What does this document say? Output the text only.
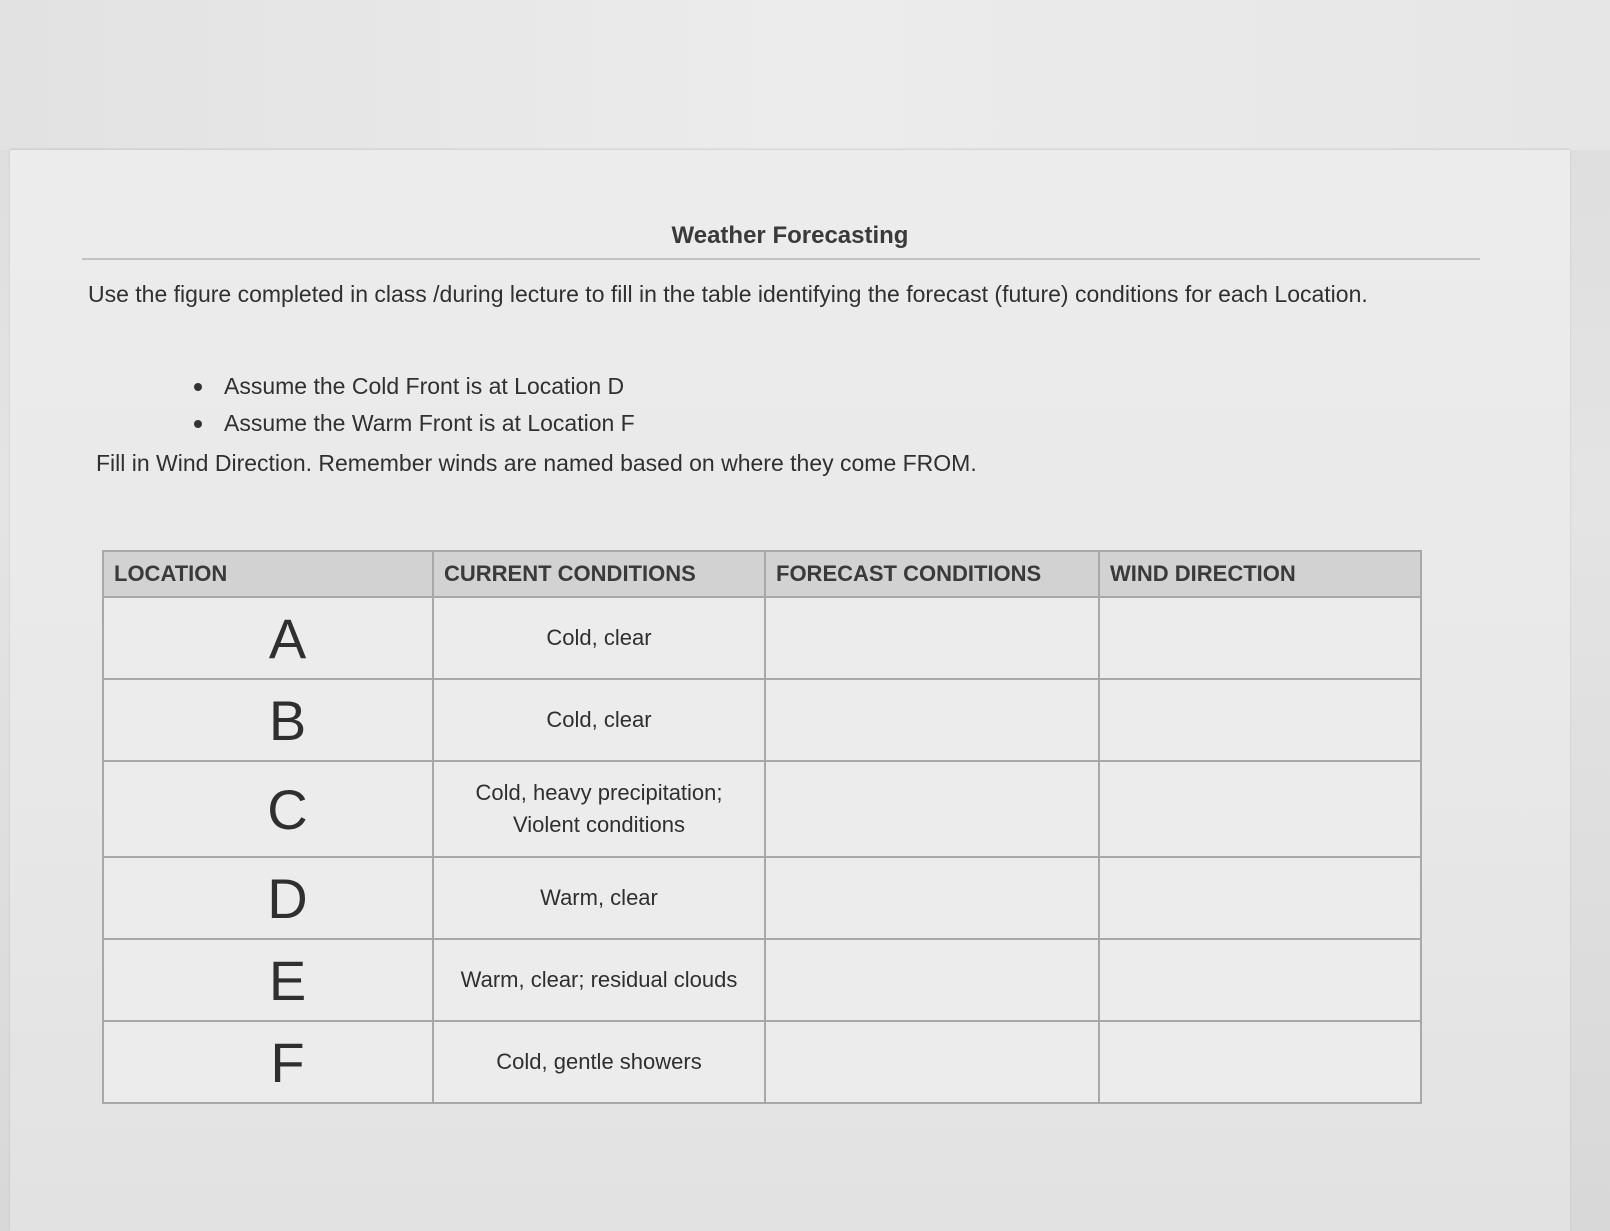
Weather Forecasting
Use the figure completed in class /during lecture to fill in the table identifying the forecast (future) conditions for each Location.
Assume the Cold Front is at Location D
Assume the Warm Front is at Location F
Fill in Wind Direction. Remember winds are named based on where they come FROM.
LOCATION	CURRENT CONDITIONS	FORECAST CONDITIONS	WIND DIRECTION
A	Cold, clear		
B	Cold, clear		
C	Cold, heavy precipitation;
Violent conditions		

D	Warm, clear		
E	Warm, clear; residual clouds		
F	Cold, gentle showers		
